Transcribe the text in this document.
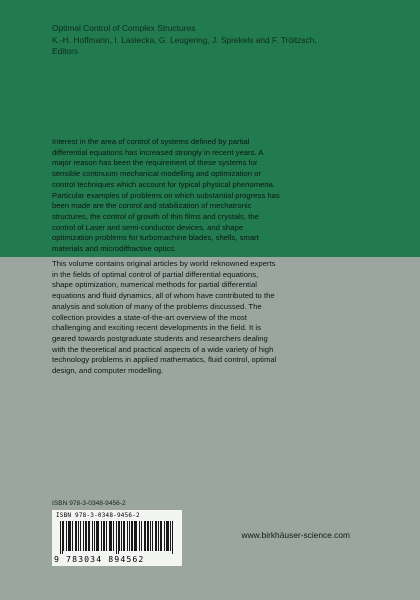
Optimal Control of Complex Structures
K.-H. Hoffmann, I. Lasiecka, G. Leugering, J. Sprekels and F. Tröltzsch,
Editors
Interest in the area of control of systems defined by partial
differential equations has increased strongly in recent years. A
major reason has been the requirement of these systems for
sensible continuum mechanical modelling and optimization or
control techniques which account for typical physical phenomena.
Particular examples of problems on which substantial progress has
been made are the control and stabilization of mechatronic
structures, the control of growth of thin films and crystals, the
control of Laser and semi-conductor devices, and shape
optimization problems for turbomachine blades, shells, smart
materials and microdiffractive optics.
This volume contains original articles by world reknowned experts
in the fields of optimal control of partial differential equations,
shape optimization, numerical methods for partial differential
equations and fluid dynamics, all of whom have contributed to the
analysis and solution of many of the problems discussed. The
collection provides a state-of-the-art overview of the most
challenging and exciting recent developments in the field. It is
geared towards postgraduate students and researchers dealing
with the theoretical and practical aspects of a wide variety of high
technology problems in applied mathematics, fluid control, optimal
design, and computer modelling.
ISBN 978-3-0348-9456-2
ISBN 978-3-0348-9456-2
9 783034 894562
www.birkhäuser-science.com
